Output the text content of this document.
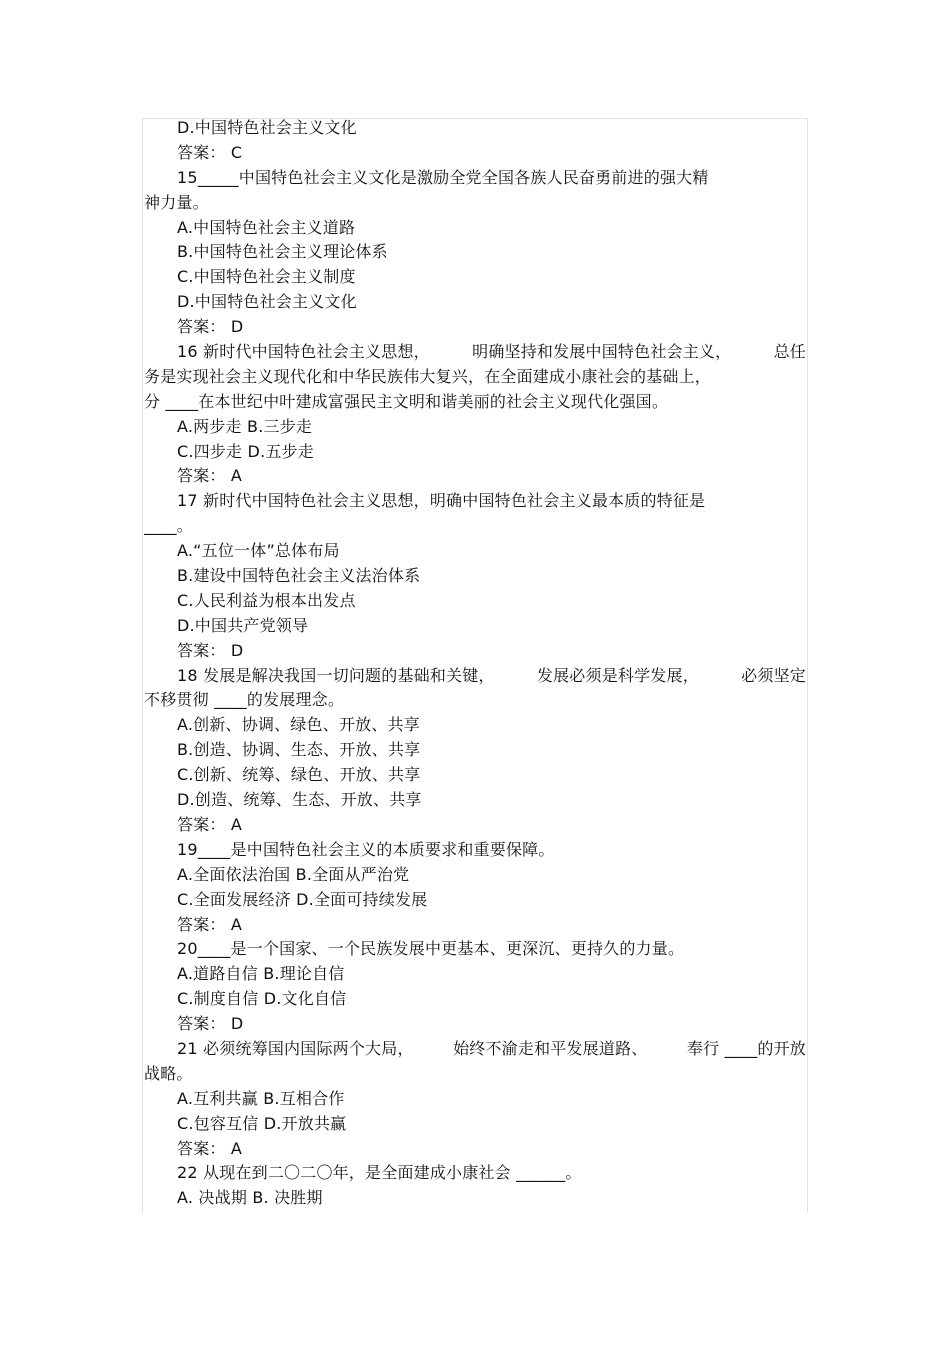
D.中国特色社会主义文化
答案： C
15_____中国特色社会主义文化是激励全党全国各族人民奋勇前进的强大精
神力量。
A.中国特色社会主义道路
B.中国特色社会主义理论体系
C.中国特色社会主义制度
D.中国特色社会主义文化
答案： D
16 新时代中国特色社会主义思想，	明确坚持和发展中国特色社会主义，	总任
务是实现社会主义现代化和中华民族伟大复兴，在全面建成小康社会的基础上，
分 ____在本世纪中叶建成富强民主文明和谐美丽的社会主义现代化强国。
A.两步走 B.三步走
C.四步走 D.五步走
答案： A
17 新时代中国特色社会主义思想，明确中国特色社会主义最本质的特征是
____。
A.“五位一体”总体布局
B.建设中国特色社会主义法治体系
C.人民利益为根本出发点
D.中国共产党领导
答案： D
18 发展是解决我国一切问题的基础和关键，	发展必须是科学发展，	必须坚定
不移贯彻 ____的发展理念。
A.创新、协调、绿色、开放、共享
B.创造、协调、生态、开放、共享
C.创新、统筹、绿色、开放、共享
D.创造、统筹、生态、开放、共享
答案： A
19____是中国特色社会主义的本质要求和重要保障。
A.全面依法治国 B.全面从严治党
C.全面发展经济 D.全面可持续发展
答案： A
20____是一个国家、一个民族发展中更基本、更深沉、更持久的力量。
A.道路自信 B.理论自信
C.制度自信 D.文化自信
答案： D
21 必须统筹国内国际两个大局， 始终不渝走和平发展道路、 奉行 ____的开放
战略。
A.互利共赢 B.互相合作
C.包容互信 D.开放共赢
答案： A
22 从现在到二〇二〇年，是全面建成小康社会 ______。
A. 决战期 B. 决胜期
